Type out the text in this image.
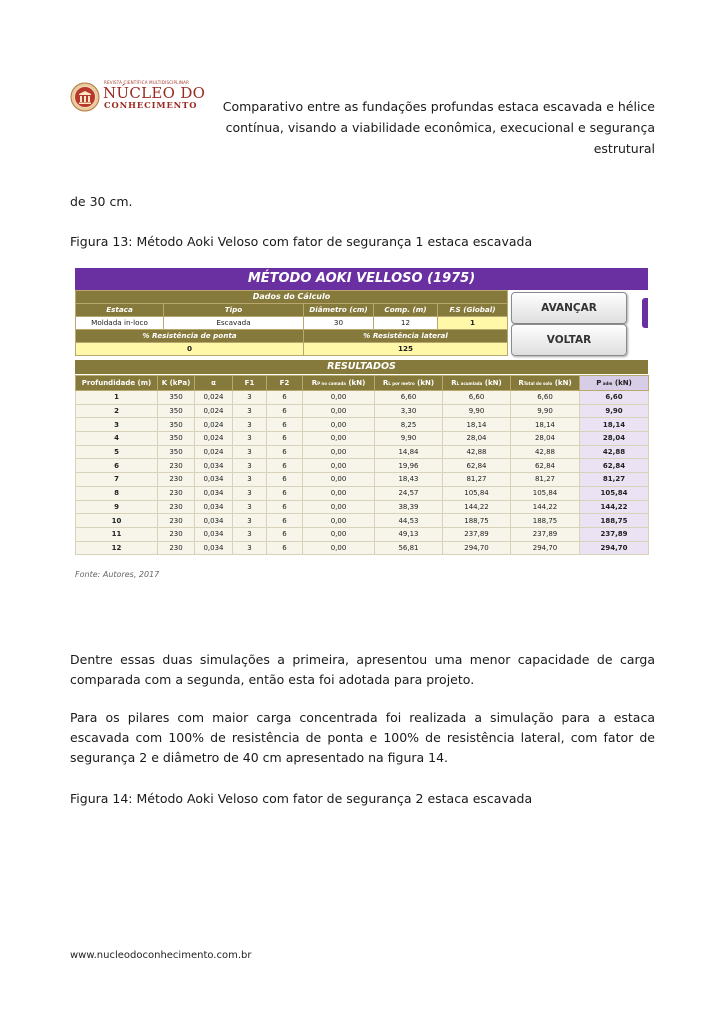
REVISTA CIENTÍFICA MULTIDISCIPLINAR
NÚCLEO DO
CONHECIMENTO Comparativo entre as fundações profundas estaca escavada e hélice
contínua, visando a viabilidade econômica, execucional e segurança
estrutural
de 30 cm.
Figura 13: Método Aoki Veloso com fator de segurança 1 estaca escavada
MÉTODO AOKI VELLOSO (1975)
Dados do Cálculo				
Estaca	Tipo	Diâmetro (cm)	Comp. (m)	F.S (Global)
Moldada in-loco	Escavada	30	12	1
% Resistência de ponta		% Resistência lateral		
0		125		
AVANÇAR
VOLTAR
RESULTADOS
Profundidade (m)	K (kPa)	α	F1	F2	RP no camada (kN)	RL por metro (kN)	RL acumlada (kN)	RTotal do solo (kN)	P adm (kN)
1	350	0,024	3	6	0,00	6,60	6,60	6,60	6,60
2	350	0,024	3	6	0,00	3,30	9,90	9,90	9,90
3	350	0,024	3	6	0,00	8,25	18,14	18,14	18,14
4	350	0,024	3	6	0,00	9,90	28,04	28,04	28,04
5	350	0,024	3	6	0,00	14,84	42,88	42,88	42,88
6	230	0,034	3	6	0,00	19,96	62,84	62,84	62,84
7	230	0,034	3	6	0,00	18,43	81,27	81,27	81,27
8	230	0,034	3	6	0,00	24,57	105,84	105,84	105,84
9	230	0,034	3	6	0,00	38,39	144,22	144,22	144,22
10	230	0,034	3	6	0,00	44,53	188,75	188,75	188,75
11	230	0,034	3	6	0,00	49,13	237,89	237,89	237,89
12	230	0,034	3	6	0,00	56,81	294,70	294,70	294,70
Fonte: Autores, 2017
Dentre essas duas simulações a primeira, apresentou uma menor capacidade de carga
comparada com a segunda, então esta foi adotada para projeto.
Para os pilares com maior carga concentrada foi realizada a simulação para a estaca
escavada com 100% de resistência de ponta e 100% de resistência lateral, com fator de
segurança 2 e diâmetro de 40 cm apresentado na figura 14.
Figura 14: Método Aoki Veloso com fator de segurança 2 estaca escavada
www.nucleodoconhecimento.com.br
